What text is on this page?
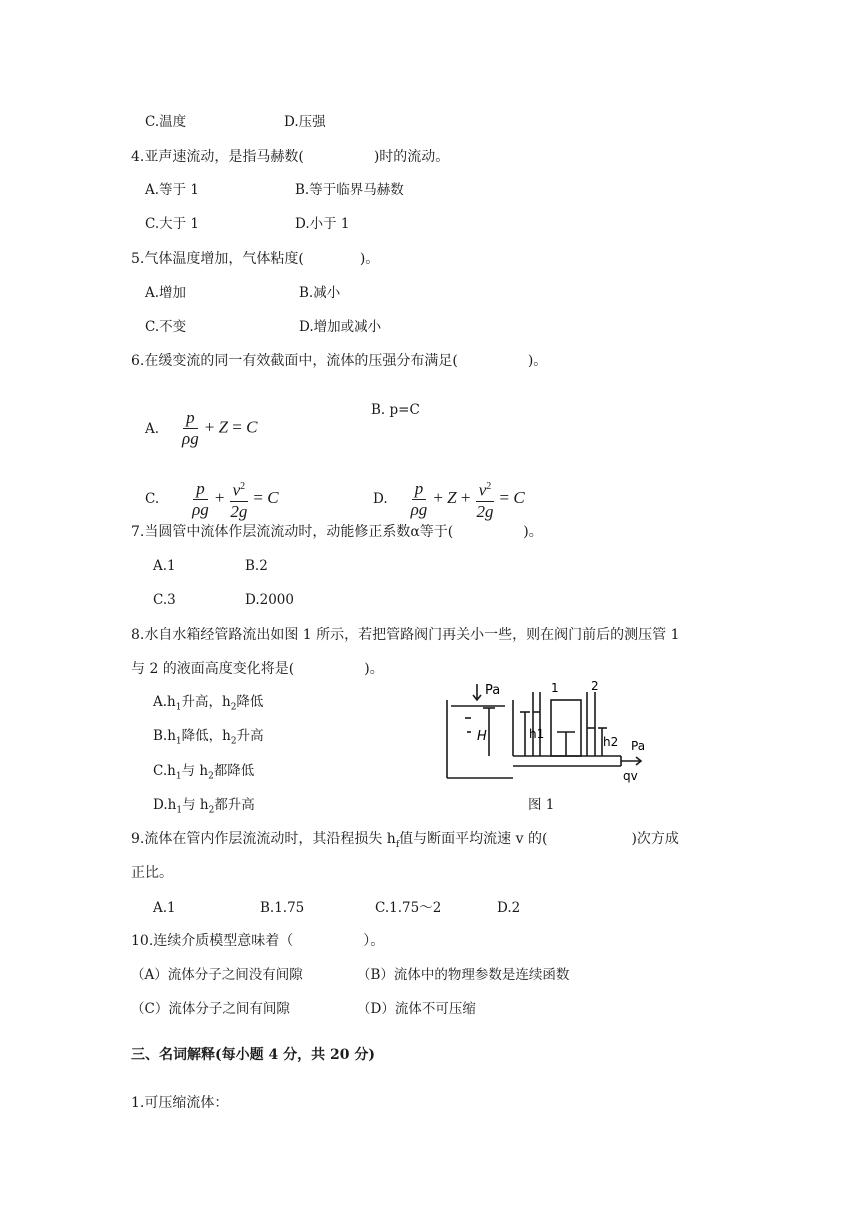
C.温度	D.压强
4.亚声速流动，是指马赫数(　　　　　)时的流动。
A.等于 1	B.等于临界马赫数
C.大于 1	D.小于 1
5.气体温度增加，气体粘度(　　　　)。
A.增加	B.减小
C.不变	D.增加或减小
6.在缓变流的同一有效截面中，流体的压强分布满足(　　　　　)。
A.

$\frac{p}{\rho g} + Z = C$

B. p=C
C.

$\frac{p}{\rho g} + \frac{v^2}{2g} = C$
	D.

$\frac{p}{\rho g} + Z + \frac{v^2}{2g} = C$

7.当圆管中流体作层流流动时，动能修正系数α等于(　　　　　)。
A.1	B.2
C.3	D.2000
8.水自水箱经管路流出如图 1 所示，若把管路阀门再关小一些，则在阀门前后的测压管 1
与 2 的液面高度变化将是(　　　　　)。
$A.h_1$升高，$h_2$降低
$B.h_1$降低，$h_2$升高
$C.h_1$与 $h_2$都降低
$D.h_1$与 $h_2$都升高
Pa
H	h1
1	2
h2 Pa
qv
图 1
9.流体在管内作层流流动时，其沿程损失 $h_f$值与断面平均流速 v 的(　　　　　　)次方成
正比。
A.1	B.1.75	C.1.75～2	D.2
10.连续介质模型意味着（　　　　　）。
（A）流体分子之间没有间隙	（B）流体中的物理参数是连续函数
（C）流体分子之间有间隙	（D）流体不可压缩
三、名词解释(每小题 4 分，共 20 分)
1.可压缩流体：
